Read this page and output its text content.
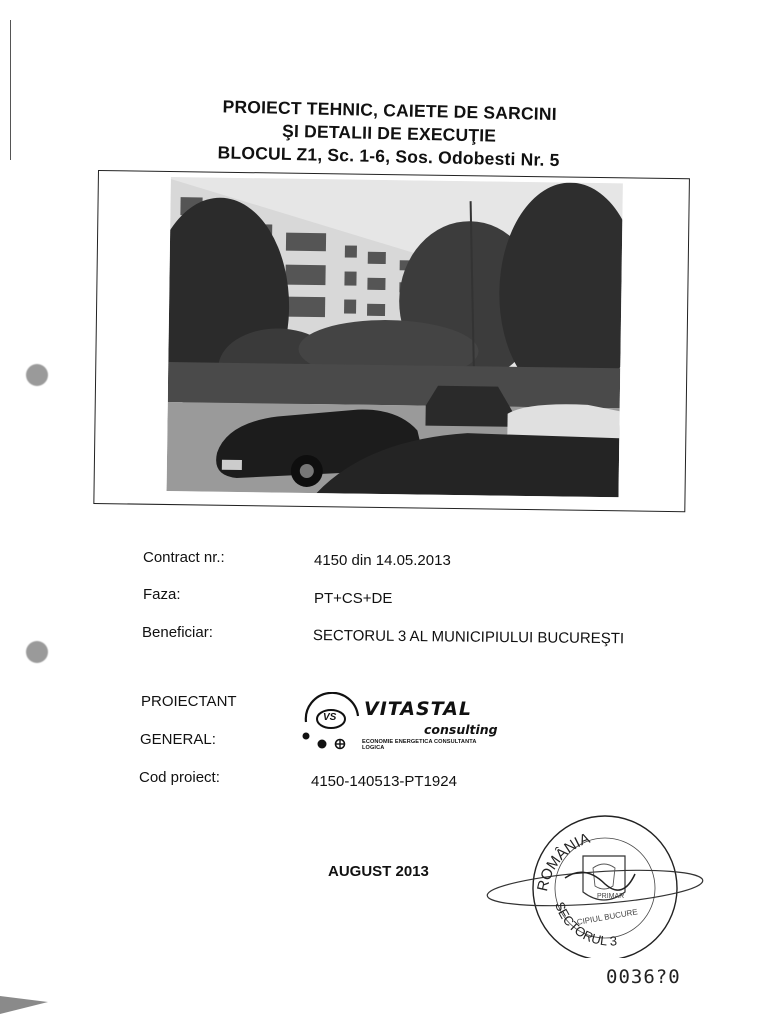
PROIECT TEHNIC, CAIETE DE SARCINI
ŞI DETALII DE EXECUŢIE
BLOCUL Z1, Sc. 1-6, Sos. Odobesti Nr. 5
Contract nr.:	4150 din 14.05.2013
Faza:	PT+CS+DE
Beneficiar:	SECTORUL 3 AL MUNICIPIULUI BUCUREŞTI
PROIECTANT
GENERAL:
Cod proiect:	4150-140513-PT1924
VS VITASTAL
consulting
ECONOMIE ENERGETICA CONSULTANTA LOGICA
AUGUST 2013
ROMÂNIA
SECTORUL 3
CIPIUL BUCURE
PRIMAR
0036?0
